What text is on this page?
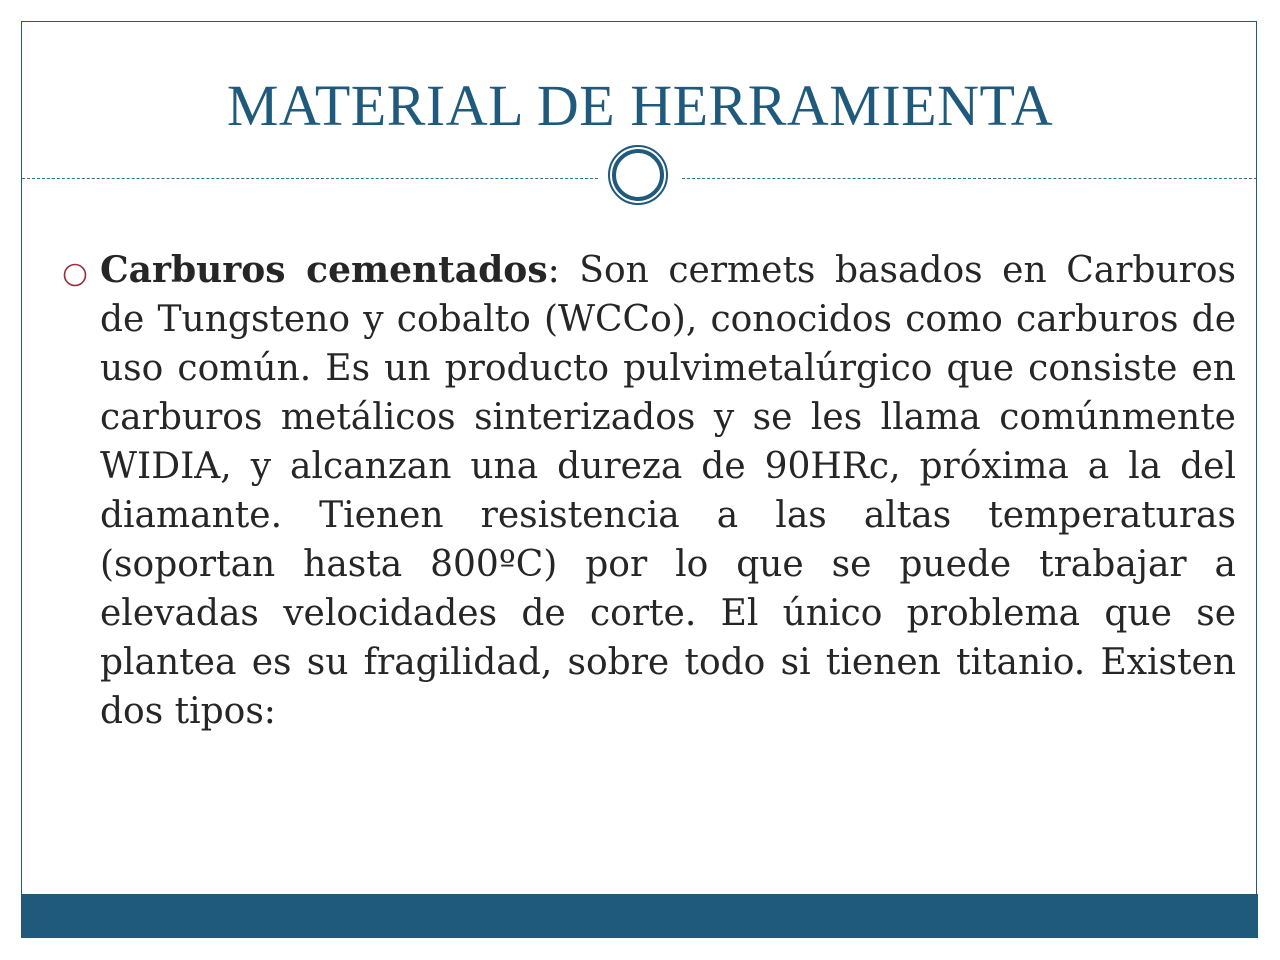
MATERIAL DE HERRAMIENTA

Carburos cementados: Son cermets basados en Carburos de Tungsteno y cobalto (WCCo), conocidos como carburos de uso común. Es un producto pulvimetalúrgico que consiste en carburos metálicos sinterizados y se les llama comúnmente WIDIA, y alcanzan una dureza de 90HRc, próxima a la del diamante. Tienen resistencia a las altas temperaturas (soportan hasta 800ºC) por lo que se puede trabajar a elevadas velocidades de corte. El único problema que se plantea es su fragilidad, sobre todo si tienen titanio. Existen dos tipos:
